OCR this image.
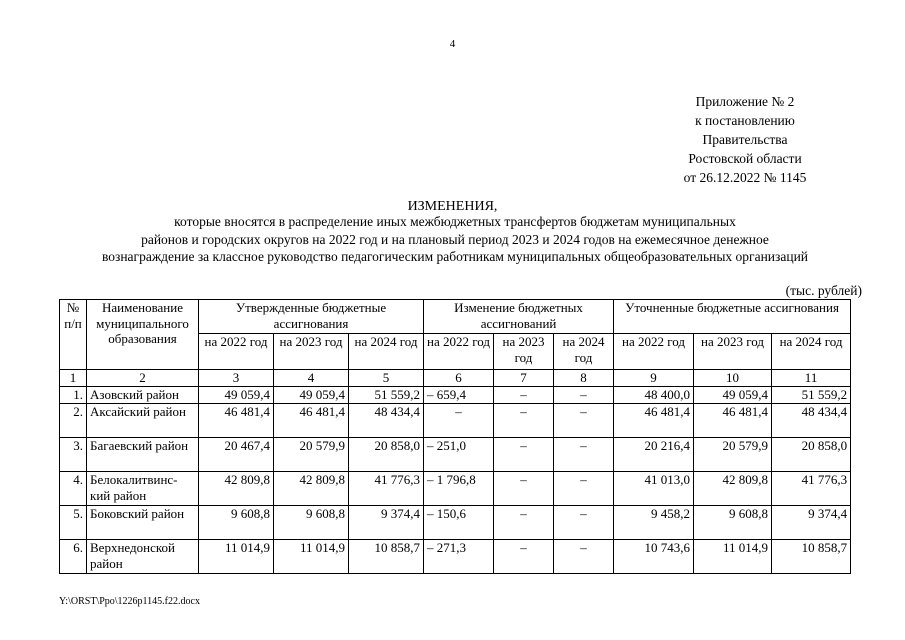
4
Приложение № 2
к постановлению
Правительства
Ростовской области
от 26.12.2022 № 1145
ИЗМЕНЕНИЯ,
которые вносятся в распределение иных межбюджетных трансфертов бюджетам муниципальных
районов и городских округов на 2022 год и на плановый период 2023 и 2024 годов на ежемесячное денежное
вознаграждение за классное руководство педагогическим работникам муниципальных общеобразовательных организаций
(тыс. рублей)
№ п/п	Наименование муниципального образования	Утвержденные бюджетные ассигнования			Изменение бюджетных ассигнований			Уточненные бюджетные ассигнования		
		на 2022 год	на 2023 год	на 2024 год	на 2022 год	на 2023 год	на 2024 год	на 2022 год	на 2023 год	на 2024 год
1	2	3	4	5	6	7	8	9	10	11
1.	Азовский район	49 059,4	49 059,4	51 559,2	– 659,4	–	–	48 400,0	49 059,4	51 559,2
2.	Аксайский район	46 481,4	46 481,4	48 434,4	–	–	–	46 481,4	46 481,4	48 434,4
3.	Багаевский район	20 467,4	20 579,9	20 858,0	– 251,0	–	–	20 216,4	20 579,9	20 858,0
4.	Белокалитвинс-кий район	42 809,8	42 809,8	41 776,3	– 1 796,8	–	–	41 013,0	42 809,8	41 776,3
5.	Боковский район	9 608,8	9 608,8	9 374,4	– 150,6	–	–	9 458,2	9 608,8	9 374,4
6.	Верхнедонской район	11 014,9	11 014,9	10 858,7	– 271,3	–	–	10 743,6	11 014,9	10 858,7
Y:\ORST\Ppo\1226p1145.f22.docx
